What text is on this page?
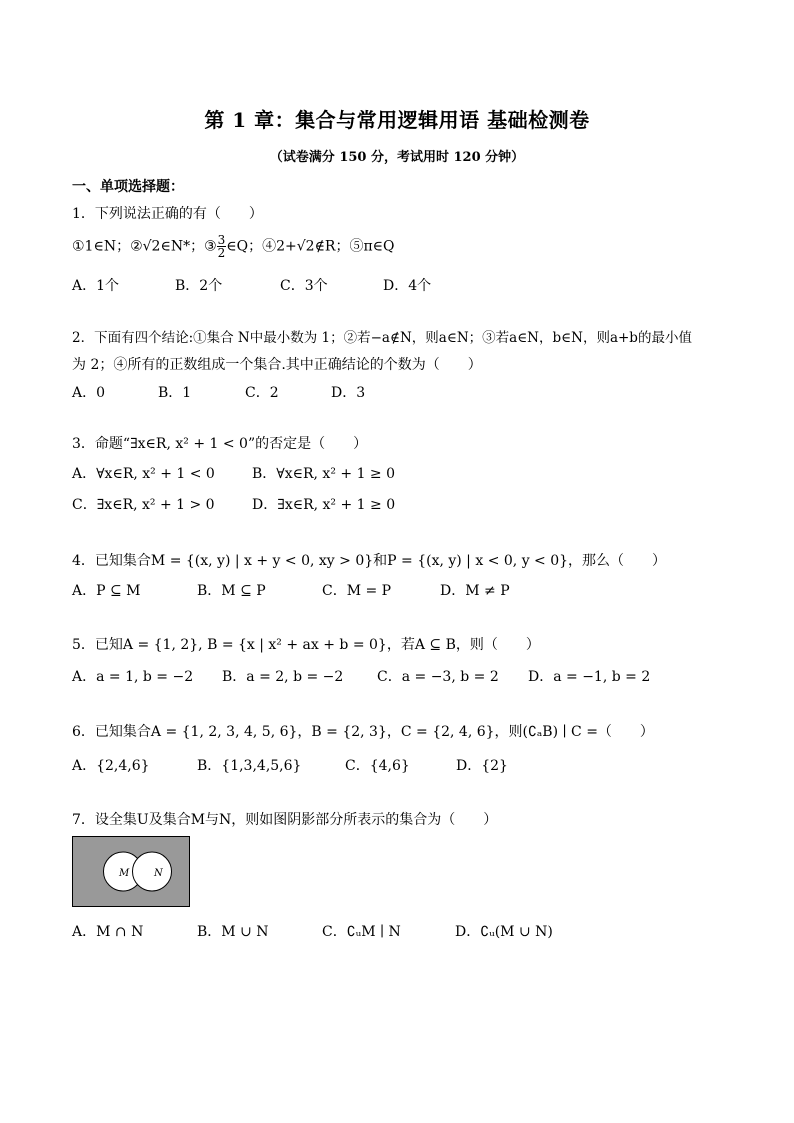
第 1 章：集合与常用逻辑用语 基础检测卷
（试卷满分 150 分，考试用时 120 分钟）
一、单项选择题：
1．下列说法正确的有（　　）
①1∈N；②√2∈N*；③ $\frac{3}{2}$ ∈Q；④2+√2∉R；⑤π∈Q
A．1个	B．2个	C．3个	D．4个
2．下面有四个结论:①集合 N中最小数为 1；②若−a∉N，则a∈N；③若a∈N，b∈N，则a+b的最小值
为 2；④所有的正数组成一个集合.其中正确结论的个数为（　　）
A．0	B．1	C．2	D．3
3．命题“∃x∈R, x² + 1 < 0”的否定是（　　）
A．∀x∈R, x² + 1 < 0	B．∀x∈R, x² + 1 ≥ 0
C．∃x∈R, x² + 1 > 0	D．∃x∈R, x² + 1 ≥ 0
4．已知集合M = {(x, y) | x + y < 0, xy > 0}和P = {(x, y) | x < 0, y < 0}，那么（　　）
A．P ⊆ M	B．M ⊆ P	C．M = P	D．M ≠ P
5．已知A = {1, 2}, B = {x | x² + ax + b = 0}，若A ⊆ B，则（　　）
A．a = 1, b = −2 B．a = 2, b = −2 C．a = −3, b = 2 D．a = −1, b = 2
6．已知集合A = {1, 2, 3, 4, 5, 6}，B = {2, 3}，C = {2, 4, 6}，则(∁ₐB) ∣ C =（　　）
A．{2,4,6}	B．{1,3,4,5,6}	C．{4,6}	D．{2}
7．设全集U及集合M与N，则如图阴影部分所表示的集合为（　　）
M N
A．M ∩ N	B．M ∪ N	C．∁ᵤM ∣ N	D．∁ᵤ(M ∪ N)
